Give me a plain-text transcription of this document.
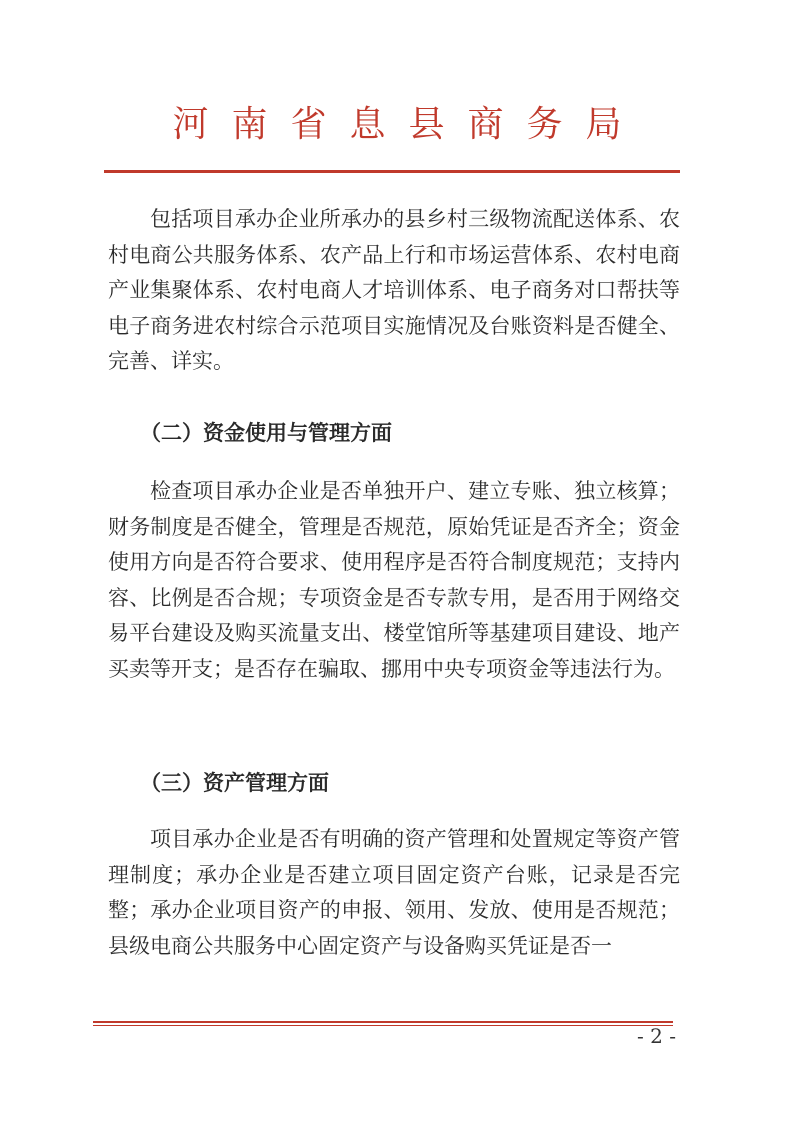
河南省息县商务局

包括项目承办企业所承办的县乡村三级物流配送体系、农村电商公共服务体系、农产品上行和市场运营体系、农村电商产业集聚体系、农村电商人才培训体系、电子商务对口帮扶等电子商务进农村综合示范项目实施情况及台账资料是否健全、完善、详实。

（二）资金使用与管理方面

检查项目承办企业是否单独开户、建立专账、独立核算；财务制度是否健全，管理是否规范，原始凭证是否齐全；资金使用方向是否符合要求、使用程序是否符合制度规范；支持内容、比例是否合规；专项资金是否专款专用，是否用于网络交易平台建设及购买流量支出、楼堂馆所等基建项目建设、地产买卖等开支；是否存在骗取、挪用中央专项资金等违法行为。

（三）资产管理方面

项目承办企业是否有明确的资产管理和处置规定等资产管理制度；承办企业是否建立项目固定资产台账，记录是否完整；承办企业项目资产的申报、领用、发放、使用是否规范；县级电商公共服务中心固定资产与设备购买凭证是否一

- 2 -
